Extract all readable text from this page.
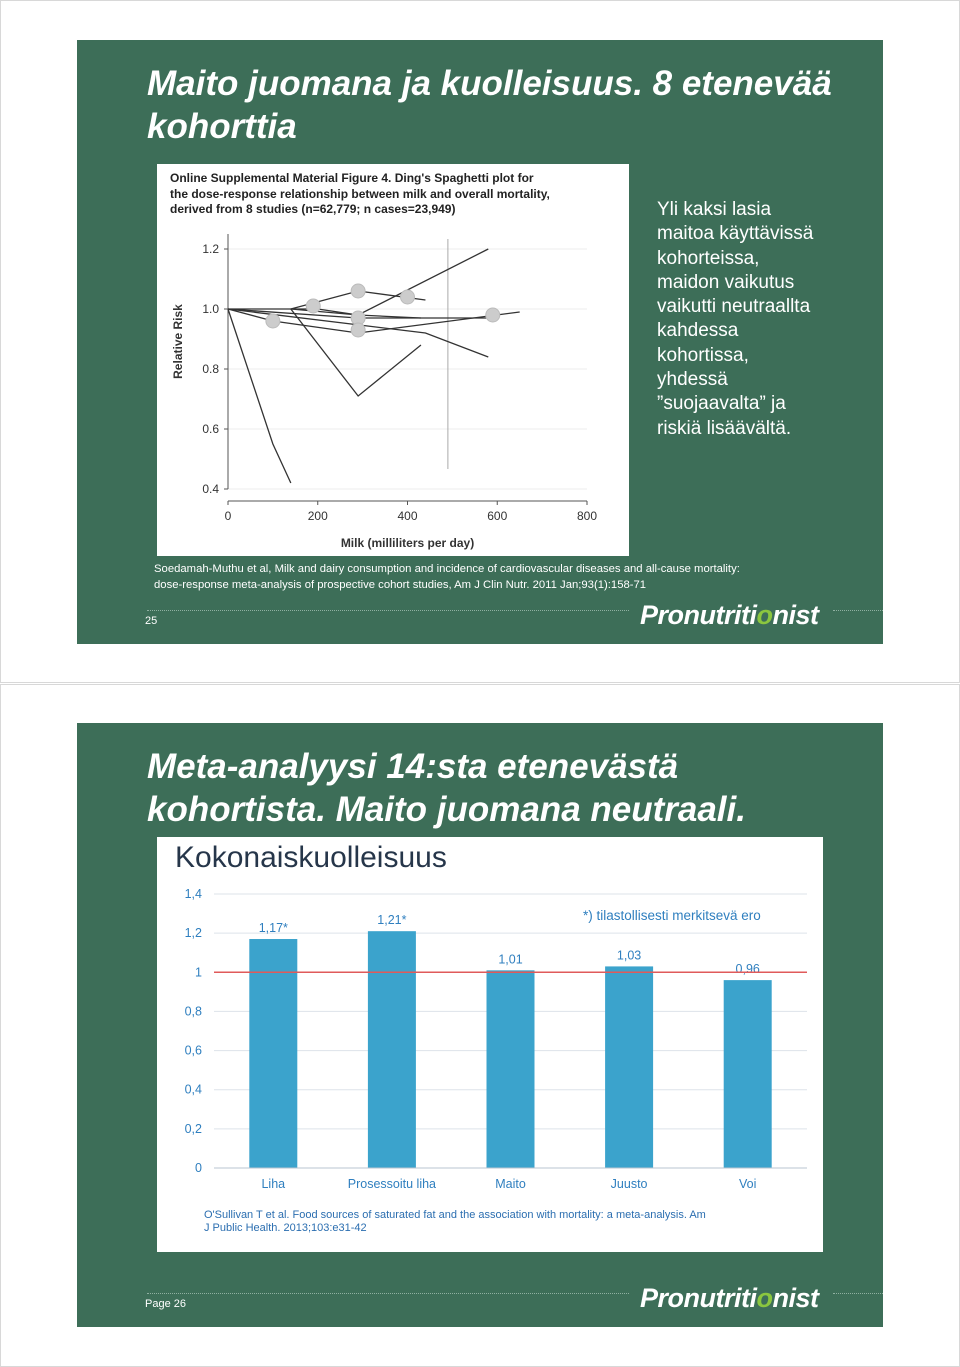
Maito juomana ja kuolleisuus. 8 etenevää kohorttia

Online Supplemental Material Figure 4. Ding's Spaghetti plot for
the dose-response relationship between milk and overall mortality,
derived from 8 studies (n=62,779; n cases=23,949)

0.4
0.6
0.8
1.0
1.2
0	200	400	600	800
Milk (milliliters per day)
Relative Risk

Yli kaksi lasia
maitoa käyttävissä
kohorteissa,
maidon vaikutus
vaikutti neutraallta
kahdessa
kohortissa,
yhdessä
”suojaavalta” ja
riskiä lisäävältä.

Soedamah-Muthu et al, Milk and dairy consumption and incidence of cardiovascular diseases and all-cause mortality:
dose-response meta-analysis of prospective cohort studies, Am J Clin Nutr. 2011 Jan;93(1):158-71

25	Pronutritionist
Meta-analyysi 14:sta etenevästä kohortista. Maito juomana neutraali.
Kokonaiskuolleisuus

*) tilastollisesti merkitsevä ero

0
0,2
0,4
0,6
0,8
1
1,2
1,4
1,17*
Liha
1,21*
Prosessoitu liha
1,01
Maito
1,03
Juusto
0,96
Voi

O'Sullivan T et al. Food sources of saturated fat and the association with mortality: a meta-analysis. Am
J Public Health. 2013;103:e31-42

Page 26	Pronutritionist
